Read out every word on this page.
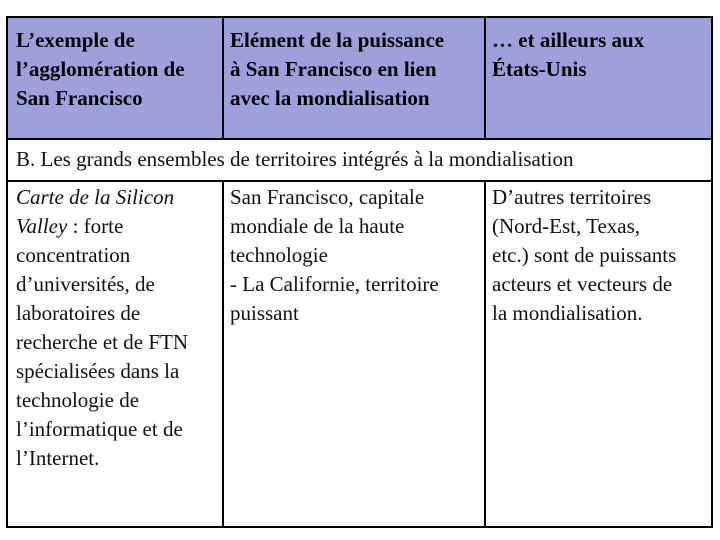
L’exemple de
l’agglomération de
San Francisco
Elément de la puissance
à San Francisco en lien
avec la mondialisation
… et ailleurs aux
États-Unis
B. Les grands ensembles de territoires intégrés à la mondialisation
Carte de la Silicon
Valley : forte
concentration
d’universités, de
laboratoires de
recherche et de FTN
spécialisées dans la
technologie de
l’informatique et de
l’Internet.
San Francisco, capitale
mondiale de la haute
technologie
- La Californie, territoire
puissant
D’autres territoires
(Nord-Est, Texas,
etc.) sont de puissants
acteurs et vecteurs de
la mondialisation.
